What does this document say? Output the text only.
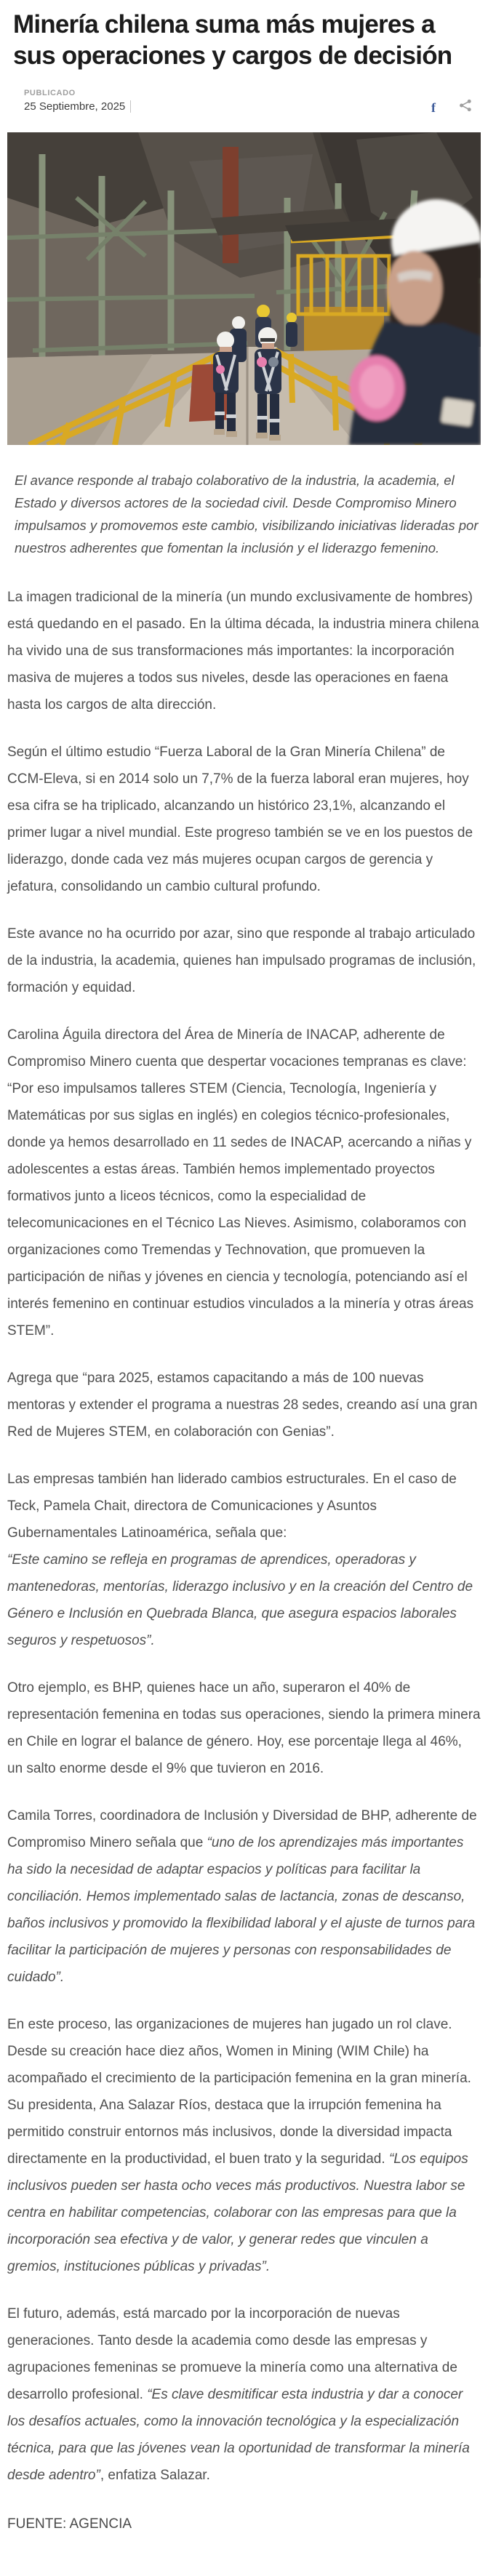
Minería chilena suma más mujeres a sus operaciones y cargos de decisión
PUBLICADO
25 Septiembre, 2025	f

El avance responde al trabajo colaborativo de la industria, la academia, el Estado y diversos actores de la sociedad civil. Desde Compromiso Minero impulsamos y promovemos este cambio, visibilizando iniciativas lideradas por nuestros adherentes que fomentan la inclusión y el liderazgo femenino.

La imagen tradicional de la minería (un mundo exclusivamente de hombres) está quedando en el pasado. En la última década, la industria minera chilena ha vivido una de sus transformaciones más importantes: la incorporación masiva de mujeres a todos sus niveles, desde las operaciones en faena hasta los cargos de alta dirección.

Según el último estudio “Fuerza Laboral de la Gran Minería Chilena” de CCM-Eleva, si en 2014 solo un 7,7% de la fuerza laboral eran mujeres, hoy esa cifra se ha triplicado, alcanzando un histórico 23,1%, alcanzando el primer lugar a nivel mundial. Este progreso también se ve en los puestos de liderazgo, donde cada vez más mujeres ocupan cargos de gerencia y jefatura, consolidando un cambio cultural profundo.

Este avance no ha ocurrido por azar, sino que responde al trabajo articulado de la industria, la academia, quienes han impulsado programas de inclusión, formación y equidad.

Carolina Águila directora del Área de Minería de INACAP, adherente de Compromiso Minero cuenta que despertar vocaciones tempranas es clave: “Por eso impulsamos talleres STEM (Ciencia, Tecnología, Ingeniería y Matemáticas por sus siglas en inglés) en colegios técnico-profesionales, donde ya hemos desarrollado en 11 sedes de INACAP, acercando a niñas y adolescentes a estas áreas. También hemos implementado proyectos formativos junto a liceos técnicos, como la especialidad de telecomunicaciones en el Técnico Las Nieves. Asimismo, colaboramos con organizaciones como Tremendas y Technovation, que promueven la participación de niñas y jóvenes en ciencia y tecnología, potenciando así el interés femenino en continuar estudios vinculados a la minería y otras áreas STEM”.

Agrega que “para 2025, estamos capacitando a más de 100 nuevas mentoras y extender el programa a nuestras 28 sedes, creando así una gran Red de Mujeres STEM, en colaboración con Genias”.

Las empresas también han liderado cambios estructurales. En el caso de Teck, Pamela Chait, directora de Comunicaciones y Asuntos Gubernamentales Latinoamérica, señala que:
“Este camino se refleja en programas de aprendices, operadoras y mantenedoras, mentorías, liderazgo inclusivo y en la creación del Centro de Género e Inclusión en Quebrada Blanca, que asegura espacios laborales seguros y respetuosos”.

Otro ejemplo, es BHP, quienes hace un año, superaron el 40% de representación femenina en todas sus operaciones, siendo la primera minera en Chile en lograr el balance de género. Hoy, ese porcentaje llega al 46%, un salto enorme desde el 9% que tuvieron en 2016.

Camila Torres, coordinadora de Inclusión y Diversidad de BHP, adherente de Compromiso Minero señala que “uno de los aprendizajes más importantes ha sido la necesidad de adaptar espacios y políticas para facilitar la conciliación. Hemos implementado salas de lactancia, zonas de descanso, baños inclusivos y promovido la flexibilidad laboral y el ajuste de turnos para facilitar la participación de mujeres y personas con responsabilidades de cuidado”.

En este proceso, las organizaciones de mujeres han jugado un rol clave. Desde su creación hace diez años, Women in Mining (WIM Chile) ha acompañado el crecimiento de la participación femenina en la gran minería. Su presidenta, Ana Salazar Ríos, destaca que la irrupción femenina ha permitido construir entornos más inclusivos, donde la diversidad impacta directamente en la productividad, el buen trato y la seguridad. “Los equipos inclusivos pueden ser hasta ocho veces más productivos. Nuestra labor se centra en habilitar competencias, colaborar con las empresas para que la incorporación sea efectiva y de valor, y generar redes que vinculen a gremios, instituciones públicas y privadas”.

El futuro, además, está marcado por la incorporación de nuevas generaciones. Tanto desde la academia como desde las empresas y agrupaciones femeninas se promueve la minería como una alternativa de desarrollo profesional. “Es clave desmitificar esta industria y dar a conocer los desafíos actuales, como la innovación tecnológica y la especialización técnica, para que las jóvenes vean la oportunidad de transformar la minería desde adentro”, enfatiza Salazar.

FUENTE: AGENCIA
